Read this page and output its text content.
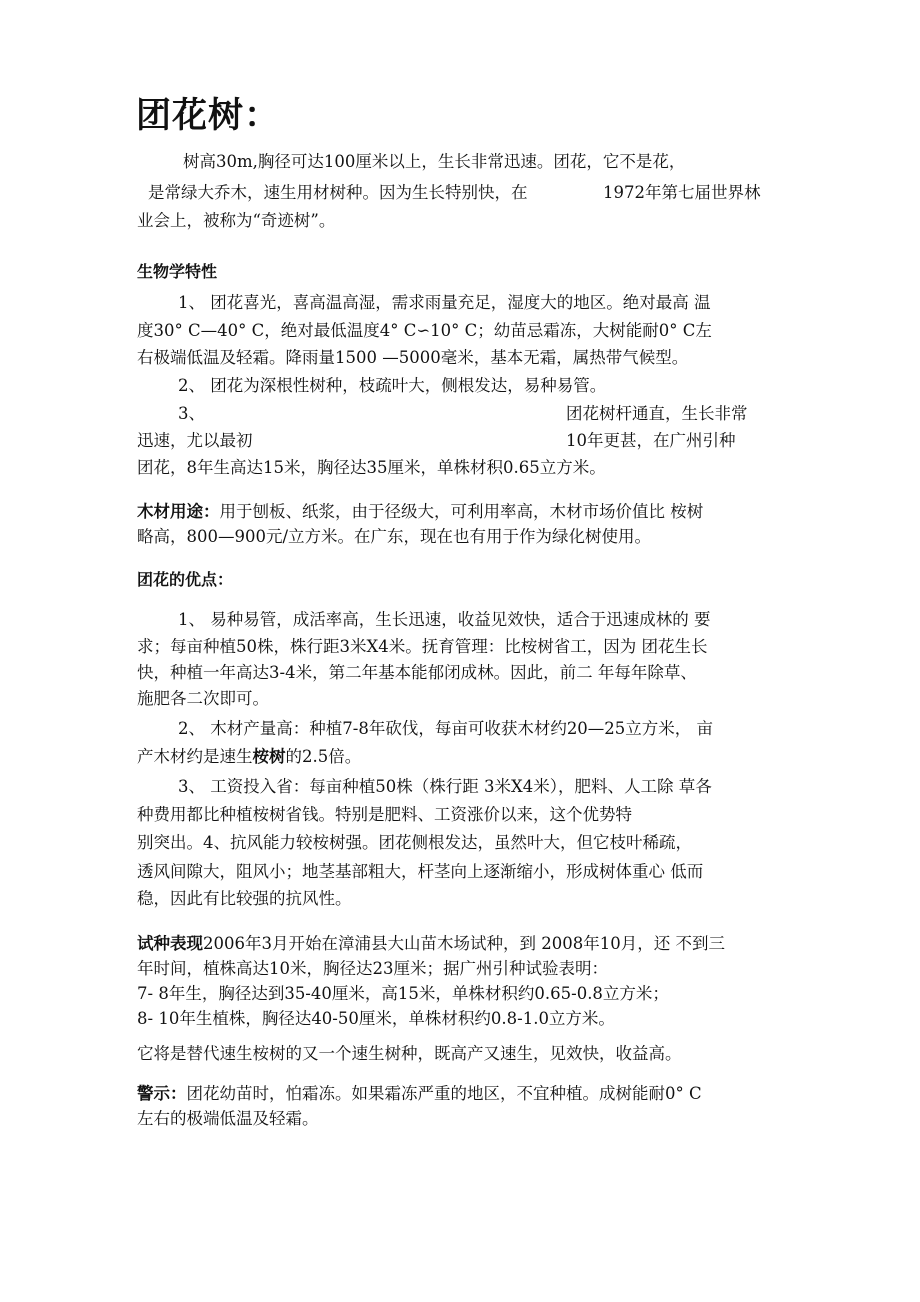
团花树：
树高30m,胸径可达100厘米以上，生长非常迅速。团花，它不是花，
是常绿大乔木，速生用材树种。因为生长特别快，在	1972年第七届世界林
业会上，被称为“奇迹树”。
生物学特性
1、 团花喜光，喜高温高湿，需求雨量充足，湿度大的地区。绝对最高 温
度30° C—40° C，绝对最低温度4° C∽10° C；幼苗忌霜冻，大树能耐0° C左
右极端低温及轻霜。降雨量1500 —5000毫米，基本无霜，属热带气候型。
2、 团花为深根性树种，枝疏叶大，侧根发达，易种易管。
3、	团花树杆通直，生长非常
迅速，尤以最初	10年更甚，在广州引种
团花，8年生高达15米，胸径达35厘米，单株材积0.65立方米。
木材用途：用于刨板、纸浆，由于径级大，可利用率高，木材市场价值比 桉树
略高，800—900元/立方米。在广东，现在也有用于作为绿化树使用。
团花的优点：
1、 易种易管，成活率高，生长迅速，收益见效快，适合于迅速成林的 要
求；每亩种植50株，株行距3米X4米。抚育管理：比桉树省工，因为 团花生长
快，种植一年高达3-4米，第二年基本能郁闭成林。因此，前二 年每年除草、
施肥各二次即可。
2、 木材产量高：种植7-8年砍伐，每亩可收获木材约20—25立方米， 亩
产木材约是速生桉树的2.5倍。
3、 工资投入省：每亩种植50株（株行距 3米X4米），肥料、人工除 草各
种费用都比种植桉树省钱。特别是肥料、工资涨价以来，这个优势特
别突出。4、抗风能力较桉树强。团花侧根发达，虽然叶大，但它枝叶稀疏，
透风间隙大，阻风小；地茎基部粗大，杆茎向上逐渐缩小，形成树体重心 低而
稳，因此有比较强的抗风性。
试种表现2006年3月开始在漳浦县大山苗木场试种，到 2008年10月，还 不到三
年时间，植株高达10米，胸径达23厘米；据广州引种试验表明：
7- 8年生，胸径达到35-40厘米，高15米，单株材积约0.65-0.8立方米；
8- 10年生植株，胸径达40-50厘米，单株材积约0.8-1.0立方米。
它将是替代速生桉树的又一个速生树种，既高产又速生，见效快，收益高。
警示：团花幼苗时，怕霜冻。如果霜冻严重的地区，不宜种植。成树能耐0° C
左右的极端低温及轻霜。
